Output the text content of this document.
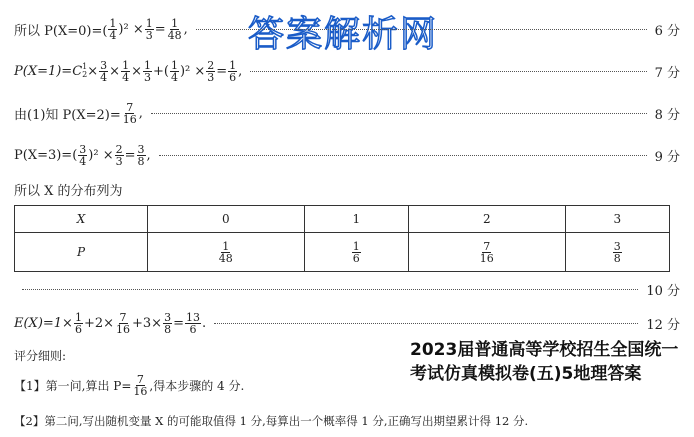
答案解析网
所以 $P(X=0)=( \frac{1}{4} )^2 \times \frac{1}{3} = \frac{1}{48}$ ,	6 分
P(X=1)=C 1
$2 \times \frac{3}{4} \times \frac{1}{4} \times \frac{1}{3}$ +( $\frac{1}{4} )^2 \times \frac{2}{3} = \frac{1}{6}$ ,	7 分
由(1)知 $P(X=2)= \frac{7}{16}$ ,	8 分
$P(X=3)=( \frac{3}{4} )^2 \times \frac{2}{3} = \frac{3}{8}$ ,	9 分
所以 X 的分布列为
X	0	1	2	3
P	$\frac{1}{48}$	$\frac{1}{6}$	$\frac{7}{16}$	$\frac{3}{8}$
10 分
$E(X)=1\times \frac{1}{6} +2\times \frac{7}{16} +3\times \frac{3}{8} = \frac{13}{6}$ .	12 分
评分细则:
【1】第一问,算出 $P= \frac{7}{16}$ ,得本步骤的 4 分.
【2】第二问,写出随机变量 X 的可能取值得 1 分,每算出一个概率得 1 分,正确写出期望累计得 12 分.
2023届普通高等学校招生全国统一考试仿真模拟卷(五)5地理答案
